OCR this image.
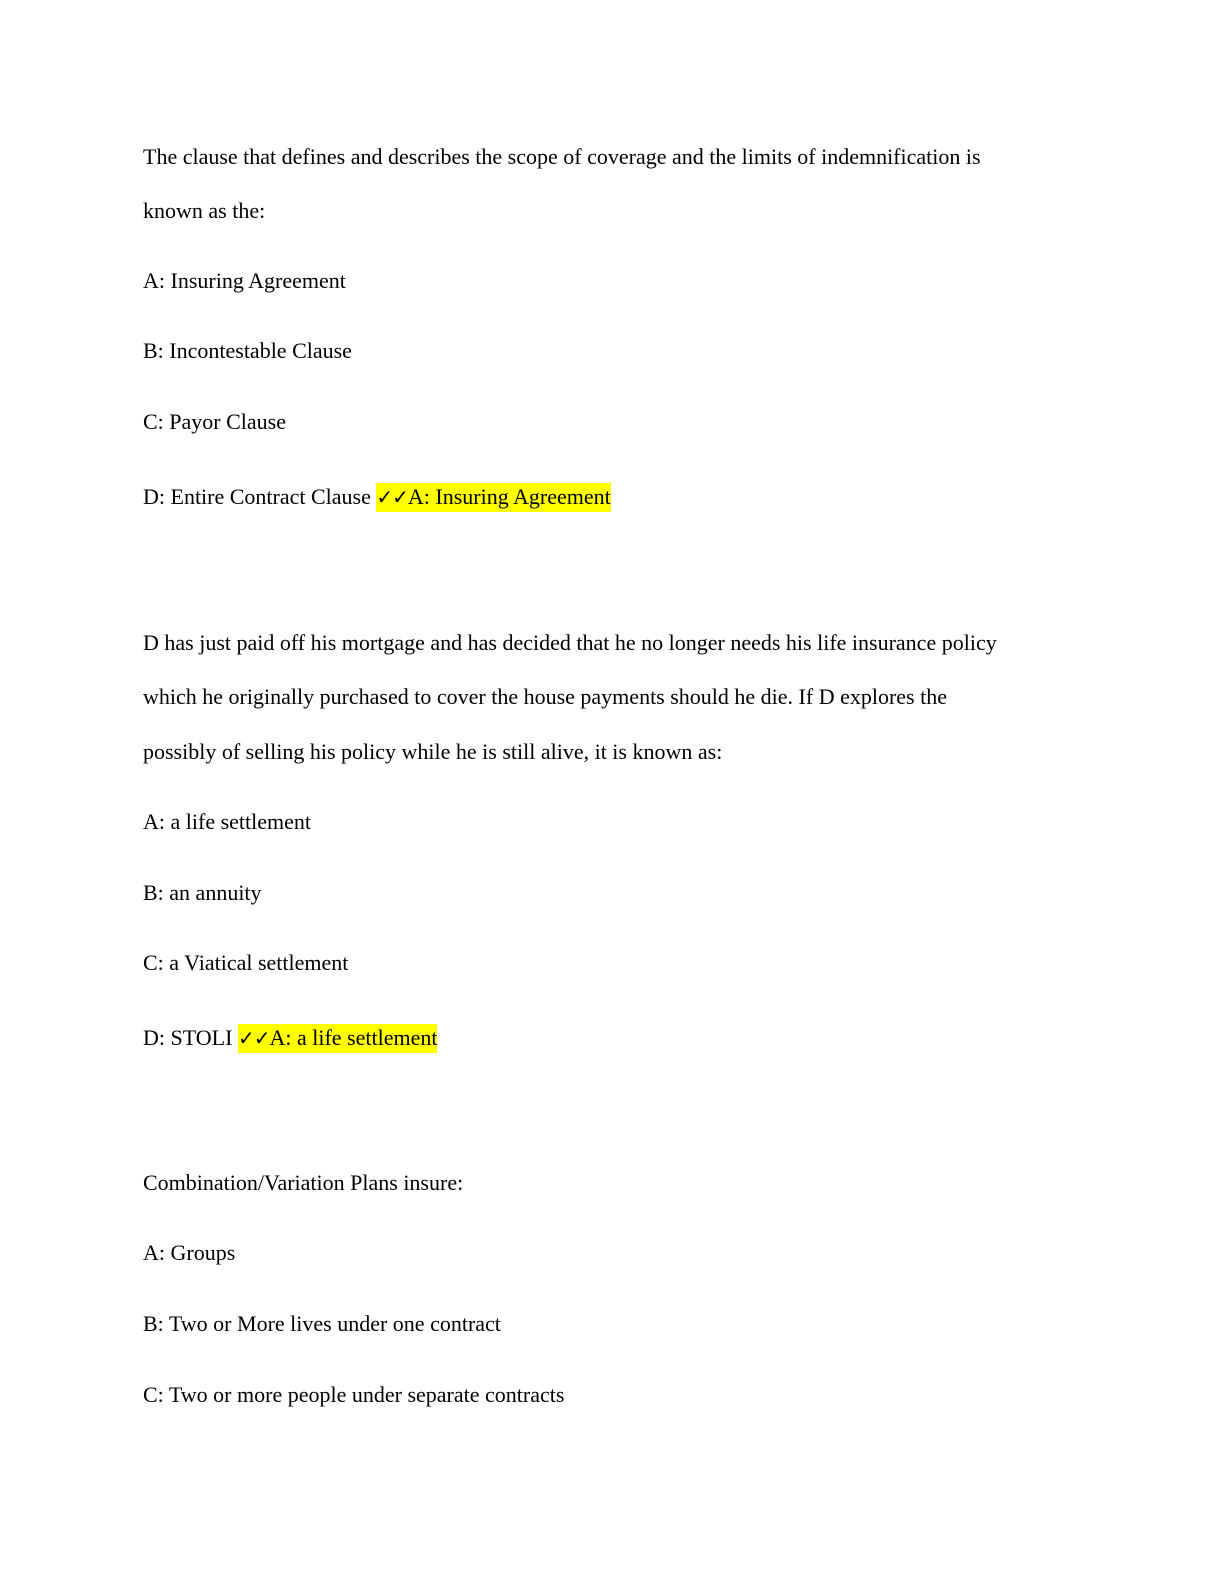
The clause that defines and describes the scope of coverage and the limits of indemnification is
known as the:
A: Insuring Agreement
B: Incontestable Clause
C: Payor Clause
D: Entire Contract Clause ✓✓A: Insuring Agreement
D has just paid off his mortgage and has decided that he no longer needs his life insurance policy
which he originally purchased to cover the house payments should he die. If D explores the
possibly of selling his policy while he is still alive, it is known as:
A: a life settlement
B: an annuity
C: a Viatical settlement
D: STOLI ✓✓A: a life settlement
Combination/Variation Plans insure:
A: Groups
B: Two or More lives under one contract
C: Two or more people under separate contracts
